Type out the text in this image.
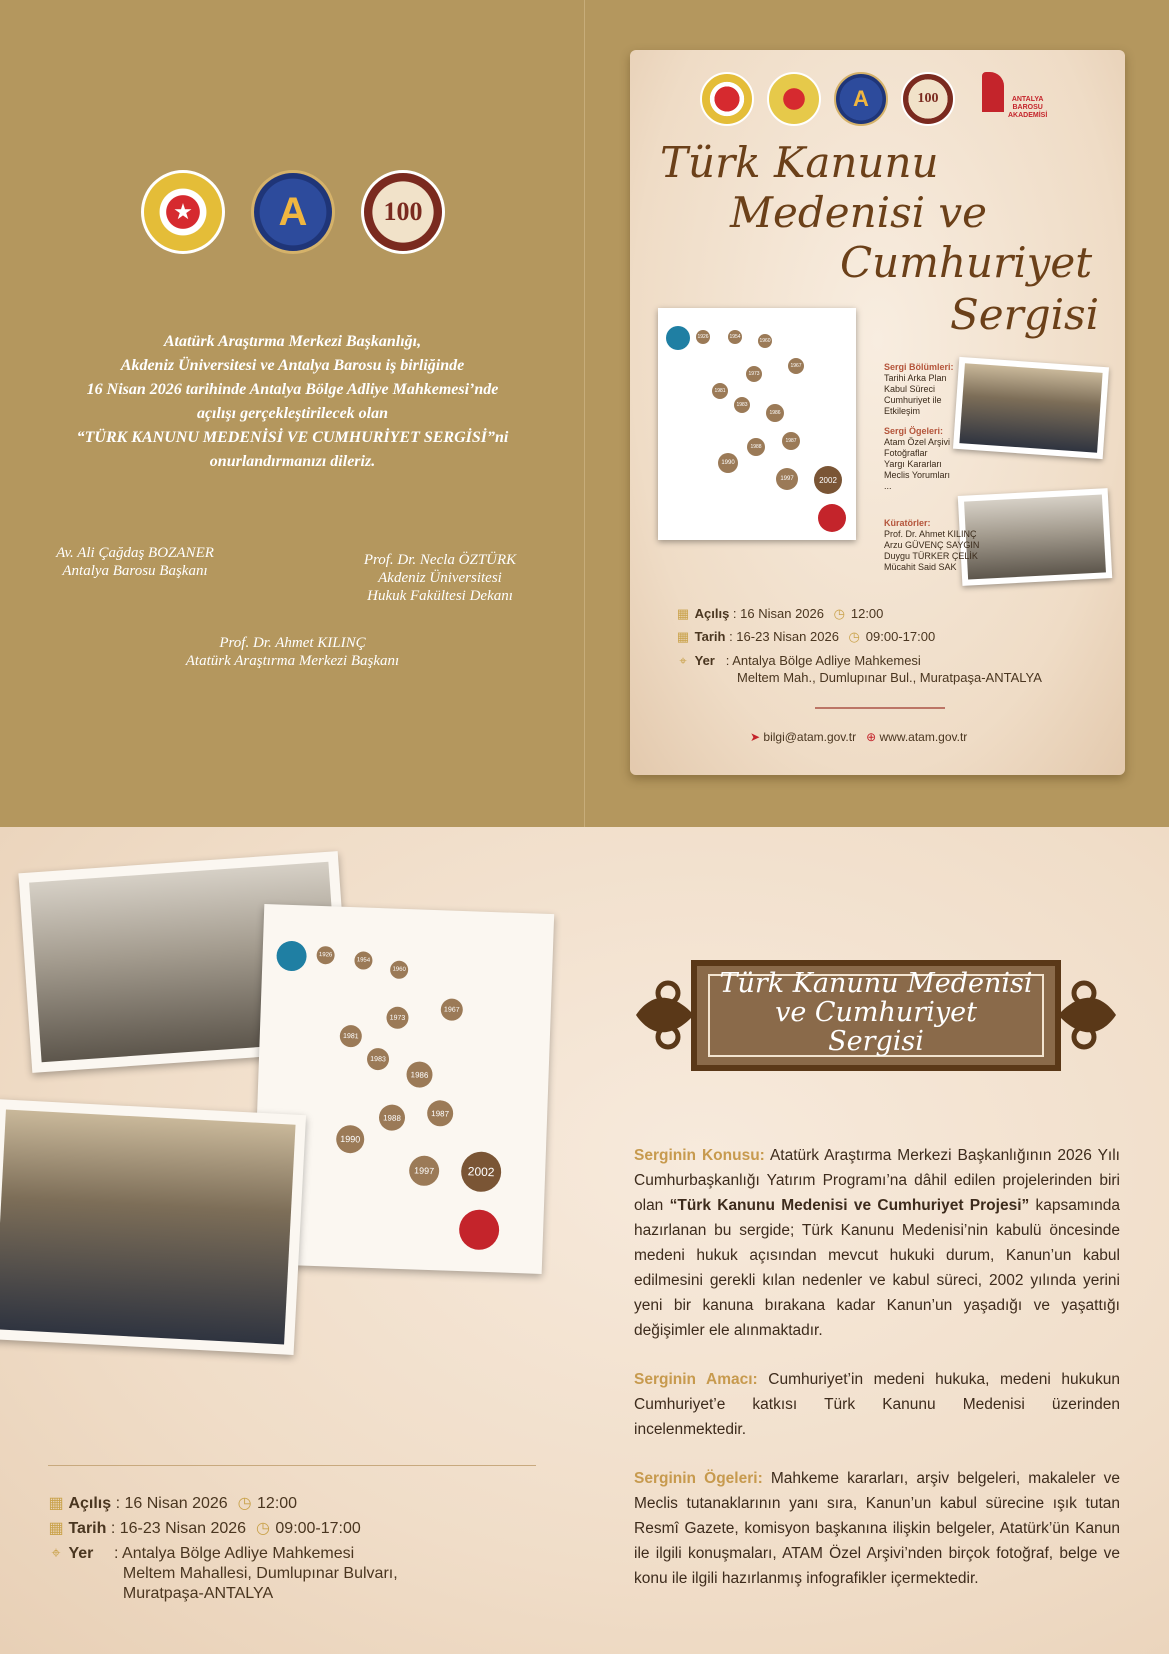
★	A	100
Atatürk Araştırma Merkezi Başkanlığı,
Akdeniz Üniversitesi ve Antalya Barosu iş birliğinde
16 Nisan 2026 tarihinde Antalya Bölge Adliye Mahkemesi’nde
açılışı gerçekleştirilecek olan
“TÜRK KANUNU MEDENİSİ VE CUMHURİYET SERGİSİ”ni
onurlandırmanızı dileriz.
Av. Ali Çağdaş BOZANER
Antalya Barosu Başkanı
Prof. Dr. Necla ÖZTÜRK
Akdeniz Üniversitesi
Hukuk Fakültesi Dekanı
Prof. Dr. Ahmet KILINÇ
Atatürk Araştırma Merkezi Başkanı
A	100	ANTALYA
BAROSU
AKADEMİSİ
Türk Kanunu
Medenisi ve
Cumhuriyet
Sergisi
1926	1954
1960
1967
1973
1981
1983
1986
1987
1988
1990
1997	2002
Sergi Bölümleri:
Tarihi Arka Plan
Kabul Süreci
Cumhuriyet ile
Etkileşim
Sergi Ögeleri:
Atam Özel Arşivi
Fotoğraflar
Yargı Kararları
Meclis Yorumları
...
Küratörler:
Prof. Dr. Ahmet KILINÇ
Arzu GÜVENÇ SAYGIN
Duygu TÜRKER ÇELİK
Mücahit Said SAK
▦ Açılış : 16 Nisan 2026 ◷ 12:00
▦ Tarih : 16-23 Nisan 2026 ◷ 09:00-17:00
⌖ Yer   : Antalya Bölge Adliye Mahkemesi
Meltem Mah., Dumlupınar Bul., Muratpaşa-ANTALYA
➤ bilgi@atam.gov.tr ⊕ www.atam.gov.tr
1926
1954
1960
1967
1973
1981
1983
1986
1987
1988
1990
1997	2002
Türk Kanunu Medenisi
ve Cumhuriyet
Sergisi

Serginin Konusu: Atatürk Araştırma Merkezi Başkanlığının 2026 Yılı Cumhurbaşkanlığı Yatırım Programı’na dâhil edilen projelerinden biri olan “Türk Kanunu Medenisi ve Cumhuriyet Projesi” kapsamında hazırlanan bu sergide; Türk Kanunu Medenisi’nin kabulü öncesinde medeni hukuk açısından mevcut hukuki durum, Kanun’un kabul edilmesini gerekli kılan nedenler ve kabul süreci, 2002 yılında yerini yeni bir kanuna bırakana kadar Kanun’un yaşadığı ve yaşattığı değişimler ele alınmaktadır.

Serginin Amacı: Cumhuriyet’in medeni hukuka, medeni hukukun Cumhuriyet’e katkısı Türk Kanunu Medenisi üzerinden incelenmektedir.

Serginin Ögeleri: Mahkeme kararları, arşiv belgeleri, makaleler ve Meclis tutanaklarının yanı sıra, Kanun’un kabul sürecine ışık tutan Resmî Gazete, komisyon başkanına ilişkin belgeler, Atatürk’ün Kanun ile ilgili konuşmaları, ATAM Özel Arşivi’nden birçok fotoğraf, belge ve konu ile ilgili hazırlanmış infografikler içermektedir.

▦ Açılış : 16 Nisan 2026 ◷ 12:00
▦ Tarih : 16-23 Nisan 2026 ◷ 09:00-17:00
⌖ Yer : Antalya Bölge Adliye Mahkemesi
Meltem Mahallesi, Dumlupınar Bulvarı,
Muratpaşa-ANTALYA
